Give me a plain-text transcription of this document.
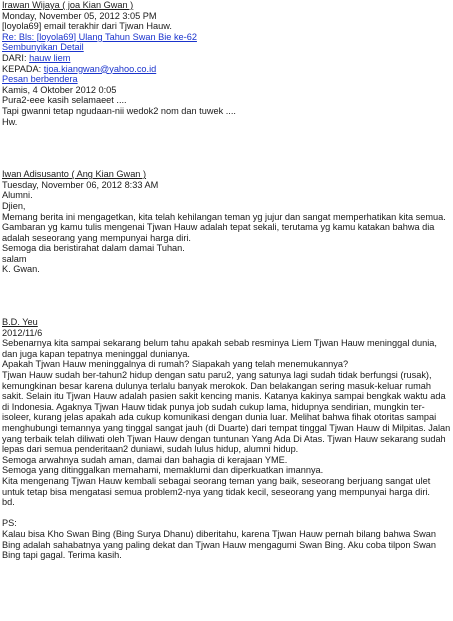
Irawan Wijaya ( joa Kian Gwan )
Monday, November 05, 2012 3:05 PM
[loyola69] email terakhir dari Tjwan Hauw.
Re: Bls: [loyola69] Ulang Tahun Swan Bie ke-62
Sembunyikan Detail
DARI: hauw liem
KEPADA: tjoa.kiangwan@yahoo.co.id
Pesan berbendera
Kamis, 4 Oktober 2012 0:05
Pura2-eee kasih selamaeet ....
Tapi gwanni tetap ngudaan-nii wedok2 nom dan tuwek ....
Hw.
Iwan Adisusanto ( Ang Kian Gwan )
Tuesday, November 06, 2012 8:33 AM
Alumni.
Djien,
Memang berita ini mengagetkan, kita telah kehilangan teman yg jujur dan sangat memperhatikan kita semua.
Gambaran yg kamu tulis mengenai Tjwan Hauw adalah tepat sekali, terutama yg kamu katakan bahwa dia adalah seseorang yang mempunyai harga diri.
Semoga dia beristirahat dalam damai Tuhan.
salam
K. Gwan.
B.D. Yeu
2012/11/6
Sebenarnya kita sampai sekarang belum tahu apakah sebab resminya Liem Tjwan Hauw meninggal dunia, dan juga kapan tepatnya meninggal dunianya.
Apakah Tjwan Hauw meninggalnya di rumah? Siapakah yang telah menemukannya?
Tjwan Hauw sudah ber-tahun2 hidup dengan satu paru2, yang satunya lagi sudah tidak berfungsi (rusak), kemungkinan besar karena dulunya terlalu banyak merokok. Dan belakangan sering masuk-keluar rumah sakit. Selain itu Tjwan Hauw adalah pasien sakit kencing manis. Katanya kakinya sampai bengkak waktu ada di Indonesia. Agaknya Tjwan Hauw tidak punya job sudah cukup lama, hidupnya sendirian, mungkin ter-isoleer, kurang jelas apakah ada cukup komunikasi dengan dunia luar. Melihat bahwa fihak otoritas sampai menghubungi temannya yang tinggal sangat jauh (di Duarte) dari tempat tinggal Tjwan Hauw di Milpitas. Jalan yang terbaik telah diliwati oleh Tjwan Hauw dengan tuntunan Yang Ada Di Atas. Tjwan Hauw sekarang sudah lepas dari semua penderitaan2 duniawi, sudah lulus hidup, alumni hidup.
Semoga arwahnya sudah aman, damai dan bahagia di kerajaan YME.
Semoga yang ditinggalkan memahami, memaklumi dan diperkuatkan imannya.
Kita mengenang Tjwan Hauw kembali sebagai seorang teman yang baik, seseorang berjuang sangat ulet untuk tetap bisa mengatasi semua problem2-nya yang tidak kecil, seseorang yang mempunyai harga diri.
bd.
PS:
Kalau bisa Kho Swan Bing (Bing Surya Dhanu) diberitahu, karena Tjwan Hauw pernah bilang bahwa Swan Bing adalah sahabatnya yang paling dekat dan Tjwan Hauw mengagumi Swan Bing. Aku coba tilpon Swan Bing tapi gagal. Terima kasih.
